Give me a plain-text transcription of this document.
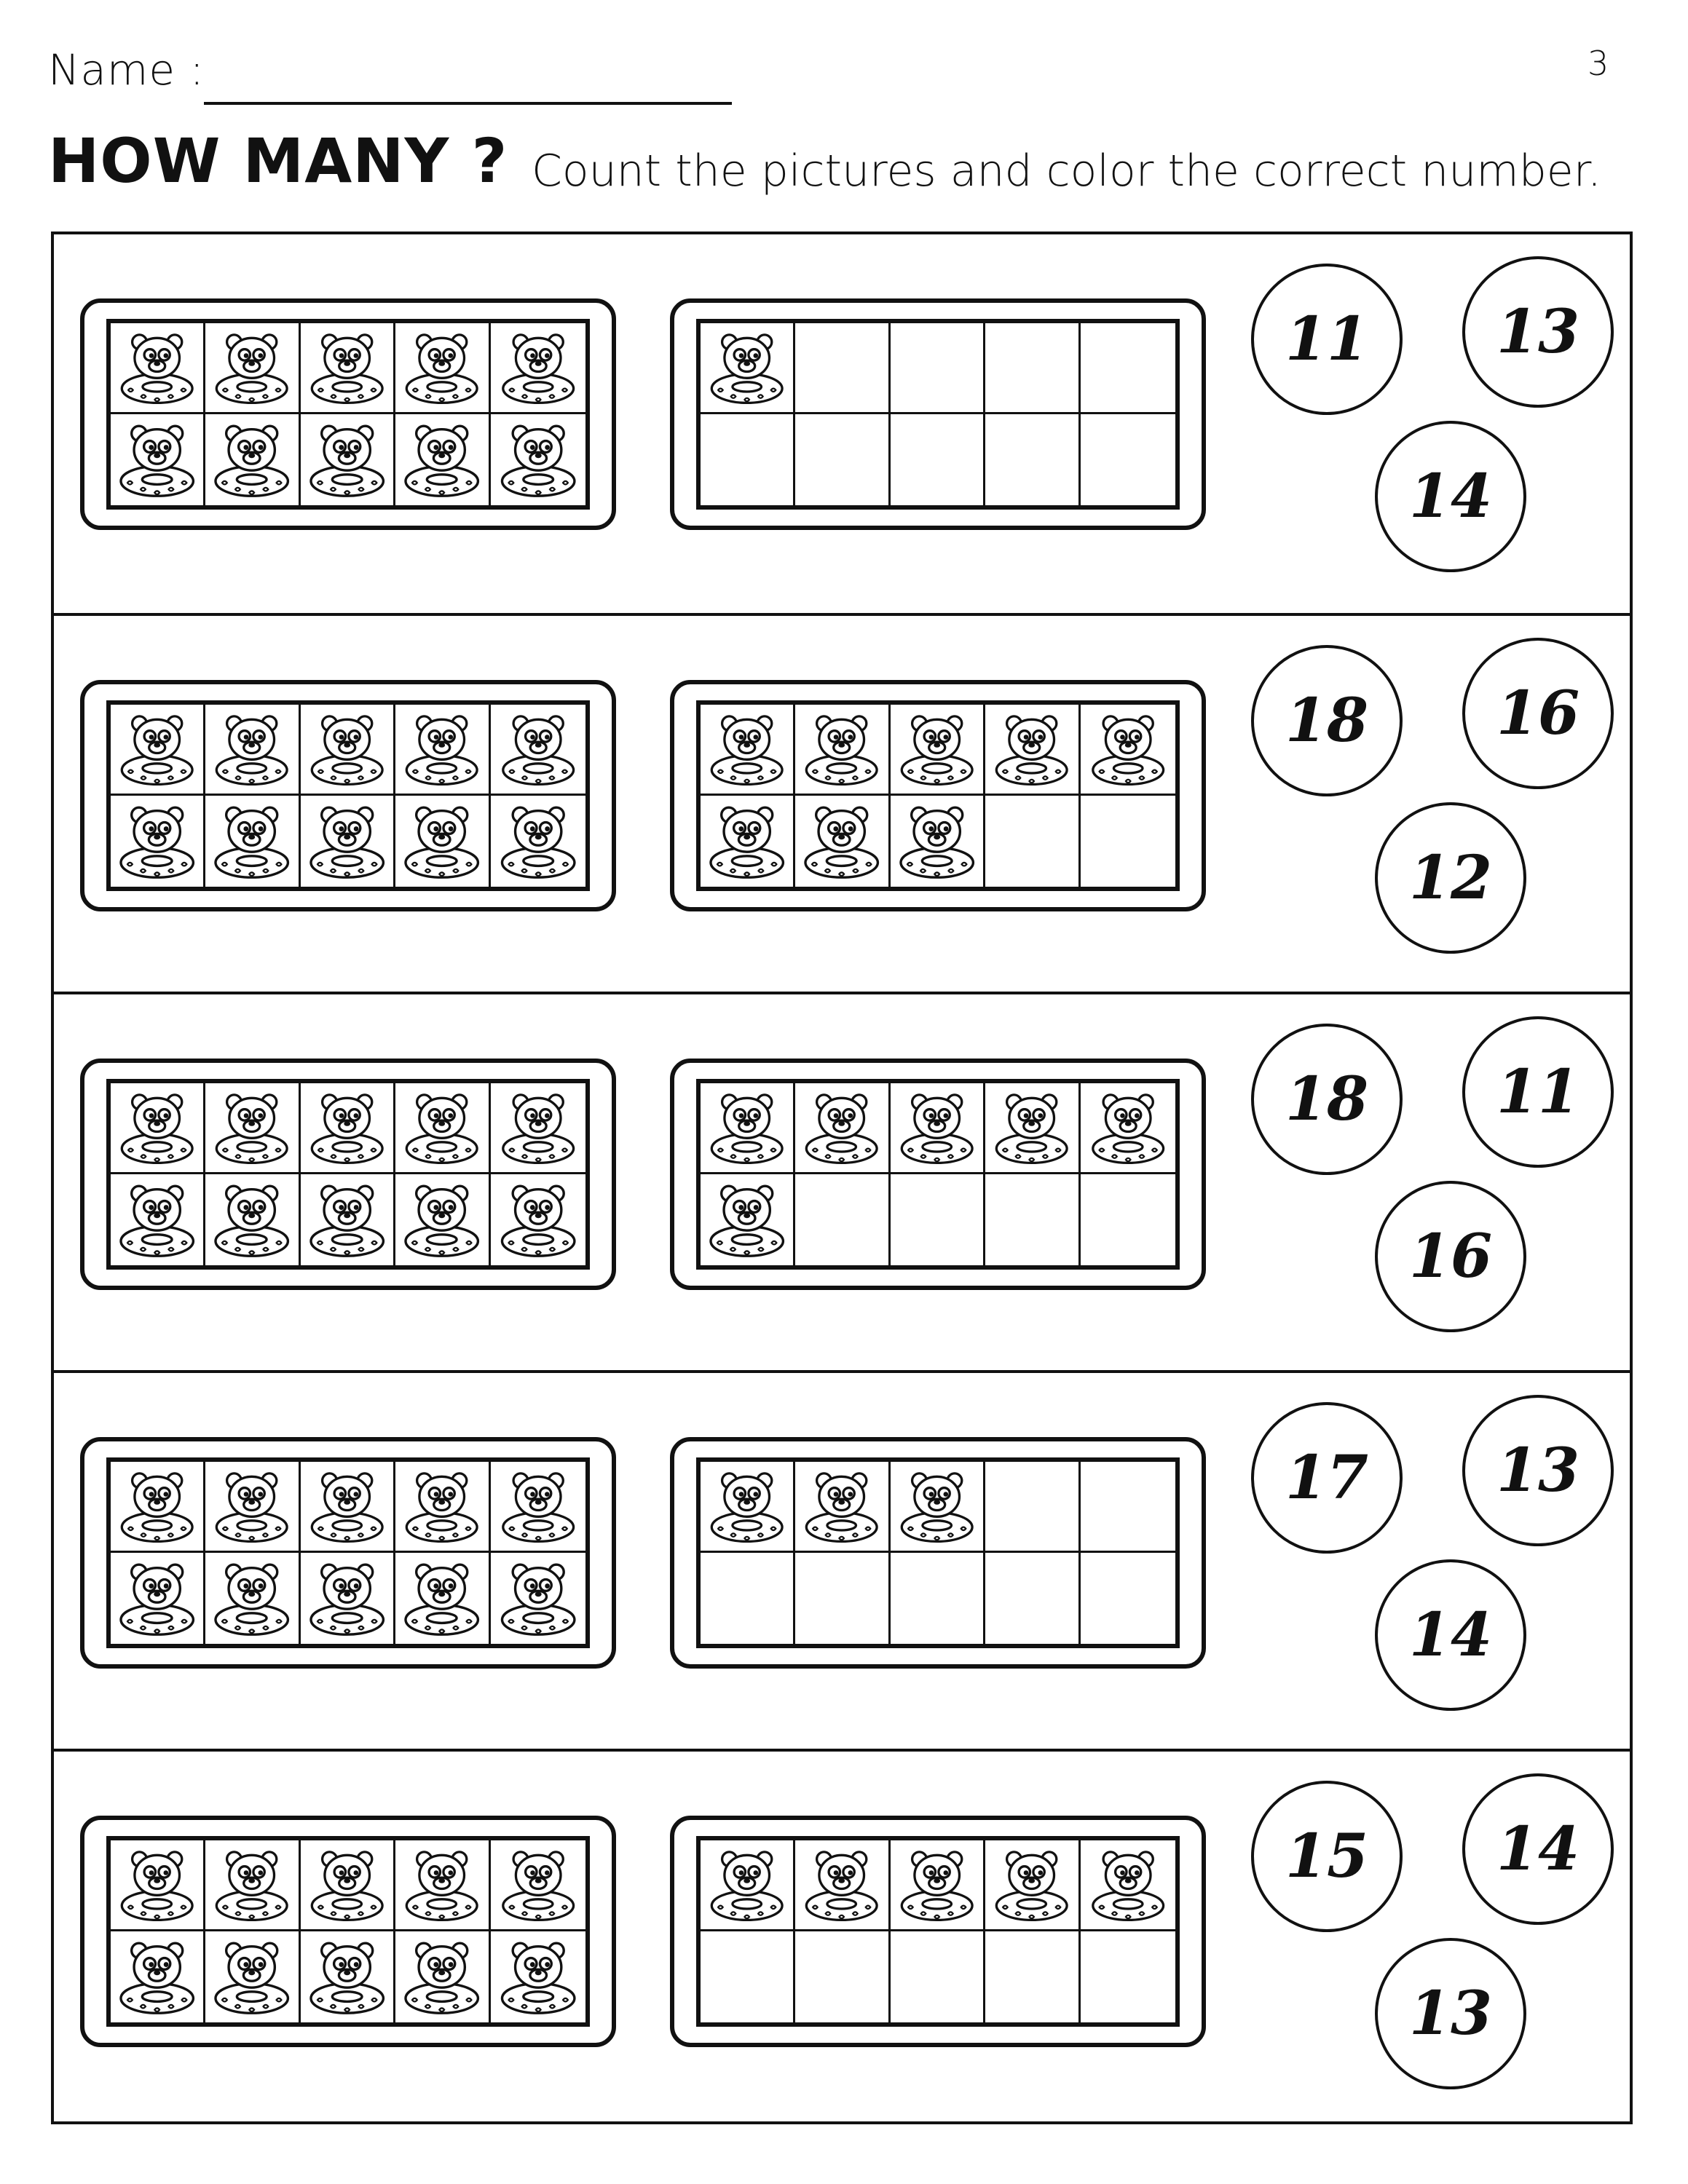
Name :	3
HOW MANY ? Count the pictures and color the correct number.
11	13
14
18	16
12
18	11
16
17	13
14
15	14
13
